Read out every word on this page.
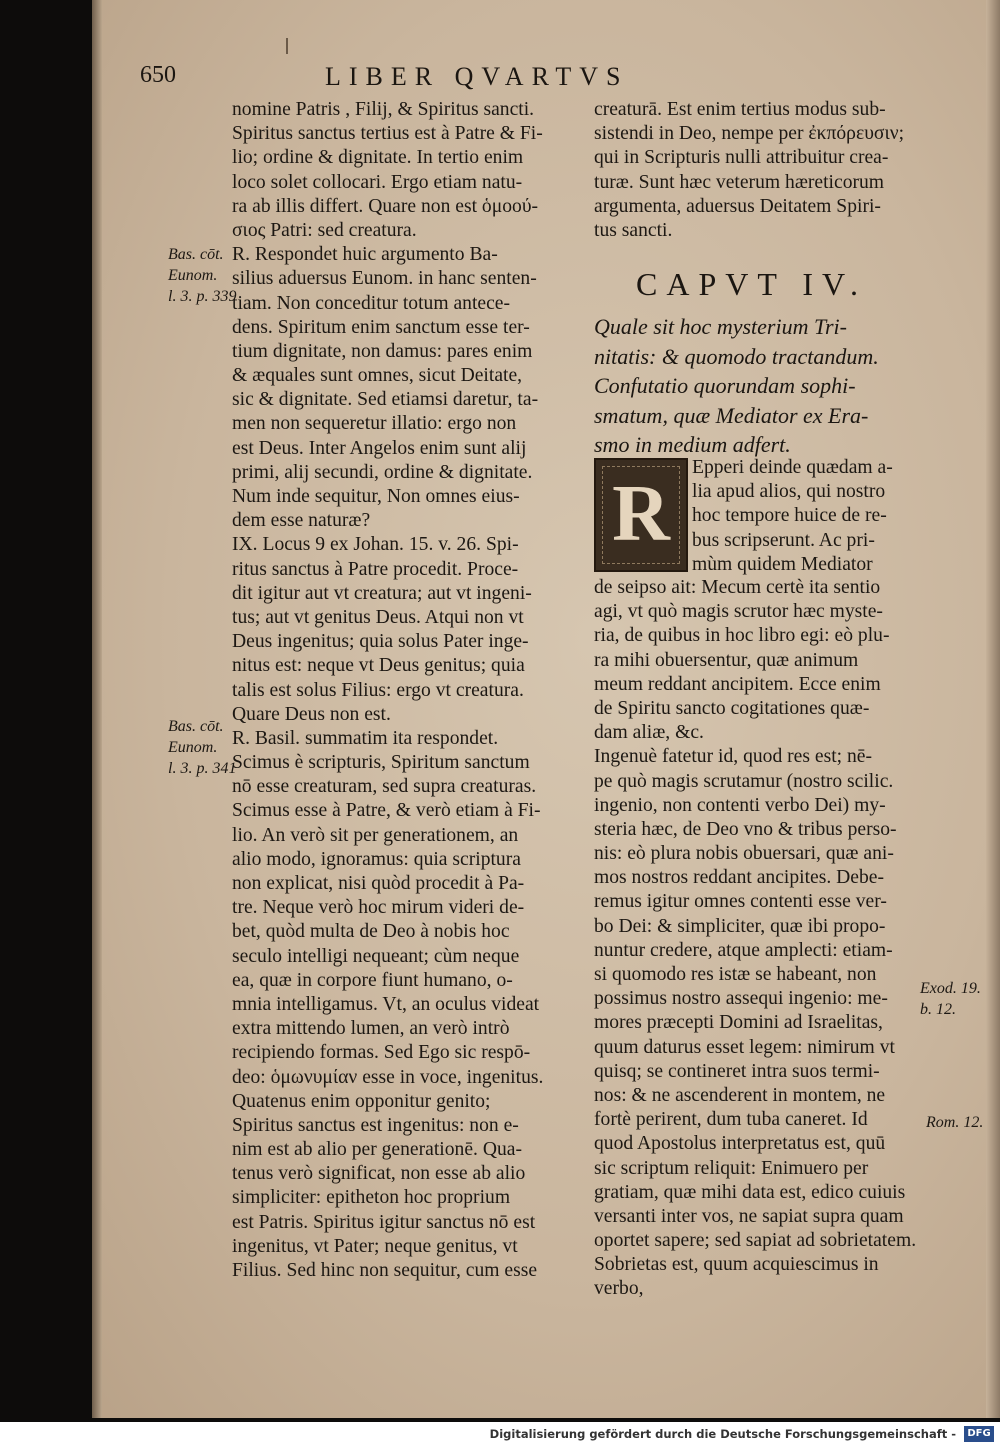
650	LIBER QVARTVS
nomine Patris , Filij, & Spiritus sancti.
Spiritus sanctus tertius est à Patre & Fi-
lio; ordine & dignitate. In tertio enim
loco solet collocari. Ergo etiam natu-
ra ab illis differt. Quare non est ὁμοού-
σιος Patri: sed creatura.
R. Respondet huic argumento Ba-
silius aduersus Eunom. in hanc senten-
tiam. Non conceditur totum antece-
dens. Spiritum enim sanctum esse ter-
tium dignitate, non damus: pares enim
& æquales sunt omnes, sicut Deitate,
sic & dignitate. Sed etiamsi daretur, ta-
men non sequeretur illatio: ergo non
est Deus. Inter Angelos enim sunt alij
primi, alij secundi, ordine & dignitate.
Num inde sequitur, Non omnes eius-
dem esse naturæ?
IX. Locus 9 ex Johan. 15. v. 26. Spi-
ritus sanctus à Patre procedit. Proce-
dit igitur aut vt creatura; aut vt ingeni-
tus; aut vt genitus Deus. Atqui non vt
Deus ingenitus; quia solus Pater inge-
nitus est: neque vt Deus genitus; quia
talis est solus Filius: ergo vt creatura.
Quare Deus non est.
R. Basil. summatim ita respondet.
Scimus è scripturis, Spiritum sanctum
nō esse creaturam, sed supra creaturas.
Scimus esse à Patre, & verò etiam à Fi-
lio. An verò sit per generationem, an
alio modo, ignoramus: quia scriptura
non explicat, nisi quòd procedit à Pa-
tre. Neque verò hoc mirum videri de-
bet, quòd multa de Deo à nobis hoc
seculo intelligi nequeant; cùm neque
ea, quæ in corpore fiunt humano, o-
mnia intelligamus. Vt, an oculus videat
extra mittendo lumen, an verò intrò
recipiendo formas. Sed Ego sic respō-
deo: ὁμωνυμίαν esse in voce, ingenitus.
Quatenus enim opponitur genito;
Spiritus sanctus est ingenitus: non e-
nim est ab alio per generationē. Qua-
tenus verò significat, non esse ab alio
simpliciter: epitheton hoc proprium
est Patris. Spiritus igitur sanctus nō est
ingenitus, vt Pater; neque genitus, vt
Filius. Sed hinc non sequitur, cum esse
creaturā. Est enim tertius modus sub-
sistendi in Deo, nempe per ἐκπόρευσιν;
qui in Scripturis nulli attribuitur crea-
turæ. Sunt hæc veterum hæreticorum
argumenta, aduersus Deitatem Spiri-
tus sancti.
CAPVT IV.
Quale sit hoc mysterium Tri-
nitatis: & quomodo tractandum.
Confutatio quorundam sophi-
smatum, quæ Mediator ex Era-
smo in medium adfert.
R
Epperi deinde quædam a-
lia apud alios, qui nostro
hoc tempore huice de re-
bus scripserunt. Ac pri-
mùm quidem Mediator
de seipso ait: Mecum certè ita sentio
agi, vt quò magis scrutor hæc myste-
ria, de quibus in hoc libro egi: eò plu-
ra mihi obuersentur, quæ animum
meum reddant ancipitem. Ecce enim
de Spiritu sancto cogitationes quæ-
dam aliæ, &c.
Ingenuè fatetur id, quod res est; nē-
pe quò magis scrutamur (nostro scilic.
ingenio, non contenti verbo Dei) my-
steria hæc, de Deo vno & tribus perso-
nis: eò plura nobis obuersari, quæ ani-
mos nostros reddant ancipites. Debe-
remus igitur omnes contenti esse ver-
bo Dei: & simpliciter, quæ ibi propo-
nuntur credere, atque amplecti: etiam-
si quomodo res istæ se habeant, non
possimus nostro assequi ingenio: me-
mores præcepti Domini ad Israelitas,
quum daturus esset legem: nimirum vt
quisq; se contineret intra suos termi-
nos: & ne ascenderent in montem, ne
fortè perirent, dum tuba caneret. Id
quod Apostolus interpretatus est, quū
sic scriptum reliquit: Enimuero per
gratiam, quæ mihi data est, edico cuiuis
versanti inter vos, ne sapiat supra quam
oportet sapere; sed sapiat ad sobrietatem.
Sobrietas est, quum acquiescimus in
verbo,
Bas. cōt.
Eunom.
l. 3. p. 339
Bas. cōt.
Eunom.
l. 3. p. 341
Exod. 19.
b. 12.
Rom. 12.
Digitalisierung gefördert durch die Deutsche Forschungsgemeinschaft -	DFG
